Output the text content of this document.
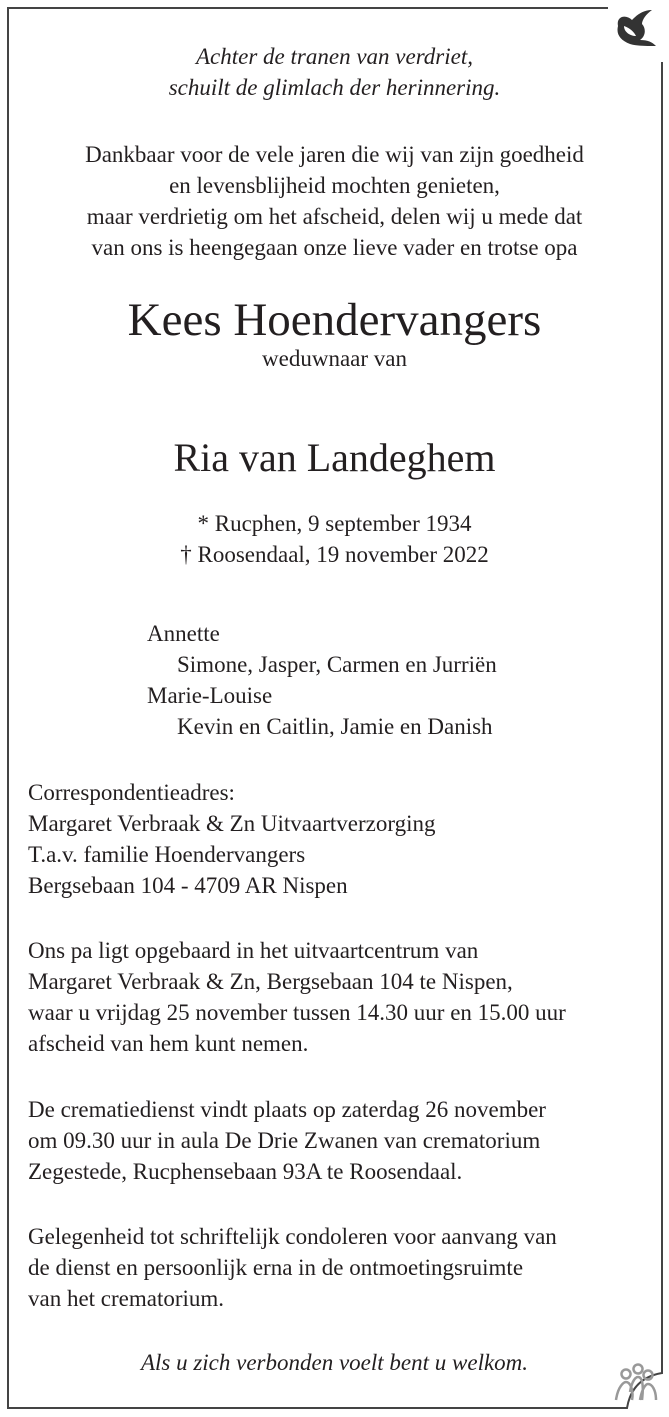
Achter de tranen van verdriet,
schuilt de glimlach der herinnering.
Dankbaar voor de vele jaren die wij van zijn goedheid
en levensblijheid mochten genieten,
maar verdrietig om het afscheid, delen wij u mede dat
van ons is heengegaan onze lieve vader en trotse opa
Kees Hoendervangers
weduwnaar van
Ria van Landeghem
* Rucphen, 9 september 1934
† Roosendaal, 19 november 2022
Annette
Simone, Jasper, Carmen en Jurriën
Marie-Louise
Kevin en Caitlin, Jamie en Danish
Correspondentieadres:
Margaret Verbraak & Zn Uitvaartverzorging
T.a.v. familie Hoendervangers
Bergsebaan 104 - 4709 AR Nispen
Ons pa ligt opgebaard in het uitvaartcentrum van
Margaret Verbraak & Zn, Bergsebaan 104 te Nispen,
waar u vrijdag 25 november tussen 14.30 uur en 15.00 uur
afscheid van hem kunt nemen.
De crematiedienst vindt plaats op zaterdag 26 november
om 09.30 uur in aula De Drie Zwanen van crematorium
Zegestede, Rucphensebaan 93A te Roosendaal.
Gelegenheid tot schriftelijk condoleren voor aanvang van
de dienst en persoonlijk erna in de ontmoetingsruimte
van het crematorium.
Als u zich verbonden voelt bent u welkom.
